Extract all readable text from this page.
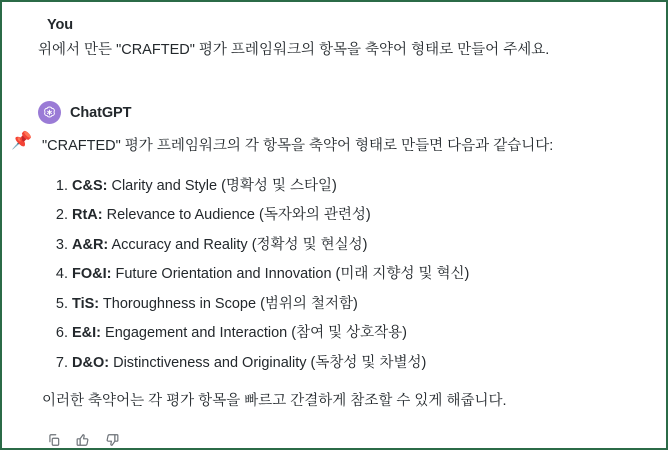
📌
You

위에서 만든 "CRAFTED" 평가 프레임워크의 항목을 축약어 형태로 만들어 주세요.

ChatGPT

"CRAFTED" 평가 프레임워크의 각 항목을 축약어 형태로 만들면 다음과 같습니다:

C&S: Clarity and Style (명확성 및 스타일)
RtA: Relevance to Audience (독자와의 관련성)
A&R: Accuracy and Reality (정확성 및 현실성)
FO&I: Future Orientation and Innovation (미래 지향성 및 혁신)
TiS: Thoroughness in Scope (범위의 철저함)
E&I: Engagement and Interaction (참여 및 상호작용)
D&O: Distinctiveness and Originality (독창성 및 차별성)

이러한 축약어는 각 평가 항목을 빠르고 간결하게 참조할 수 있게 해줍니다.
